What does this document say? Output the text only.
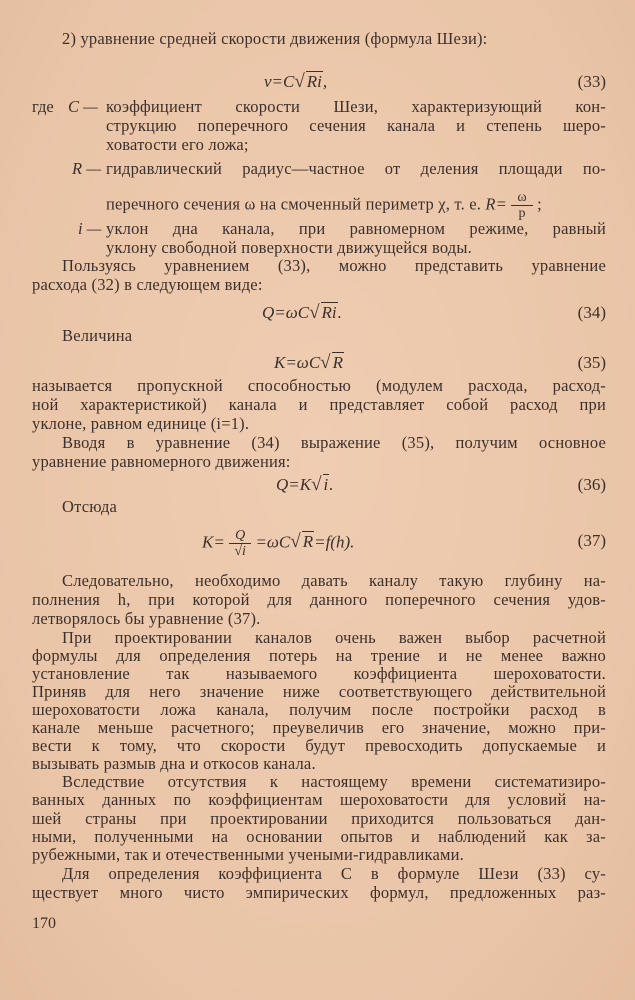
2) уравнение средней скорости движения (формула Шези):
v=C√ Ri,	(33)
где C — коэффициент скорости Шези, характеризующий кон-
струкцию поперечного сечения канала и степень шеро-
ховатости его ложа;
R — гидравлический радиус—частное от деления площади по-
перечного сечения ω на смоченный периметр χ, т. е. $R= \frac{\omega}{p}$ ;
i — уклон дна канала, при равномерном режиме, равный
уклону свободной поверхности движущейся воды.
Пользуясь уравнением (33), можно представить уравнение
расхода (32) в следующем виде:
Q=ωC√ Ri.	(34)
Величина
K=ωC√ R	(35)
называется пропускной способностью (модулем расхода, расход-
ной характеристикой) канала и представляет собой расход при
уклоне, равном единице (i=1).
Вводя в уравнение (34) выражение (35), получим основное
уравнение равномерного движения:
Q=K√ i.	(36)
Отсюда
$K= \frac{Q}{√i} =\omega C√$ R=f(h).	(37)
Следовательно, необходимо давать каналу такую глубину на-
полнения h, при которой для данного поперечного сечения удов-
летворялось бы уравнение (37).
При проектировании каналов очень важен выбор расчетной
формулы для определения потерь на трение и не менее важно
установление так называемого коэффициента шероховатости.
Приняв для него значение ниже соответствующего действительной
шероховатости ложа канала, получим после постройки расход в
канале меньше расчетного; преувеличив его значение, можно при-
вести к тому, что скорости будут превосходить допускаемые и
вызывать размыв дна и откосов канала.
Вследствие отсутствия к настоящему времени систематизиро-
ванных данных по коэффициентам шероховатости для условий на-
шей страны при проектировании приходится пользоваться дан-
ными, полученными на основании опытов и наблюдений как за-
рубежными, так и отечественными учеными-гидравликами.
Для определения коэффициента C в формуле Шези (33) су-
ществует много чисто эмпирических формул, предложенных раз-
170
